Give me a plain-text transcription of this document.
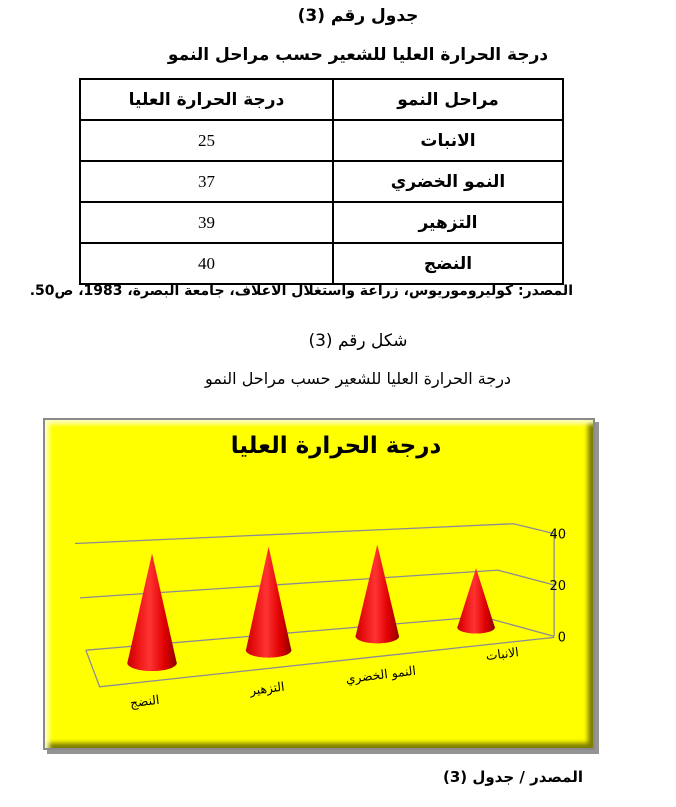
جدول رقم (3)
درجة الحرارة العليا للشعير حسب مراحل النمو
مراحل النمو	درجة الحرارة العليا
الانبات	25
النمو الخضري	37
التزهير	39
النضج	40
المصدر: كوليروموريوس، زراعة واستغلال الاعلاف، جامعة البصرة، 1983، ص50.
شكل رقم (3)
درجة الحرارة العليا للشعير حسب مراحل النمو
0
20
40
النضج
التزهير
النمو الخضري
الانبات
درجة الحرارة العليا
المصدر / جدول (3)
